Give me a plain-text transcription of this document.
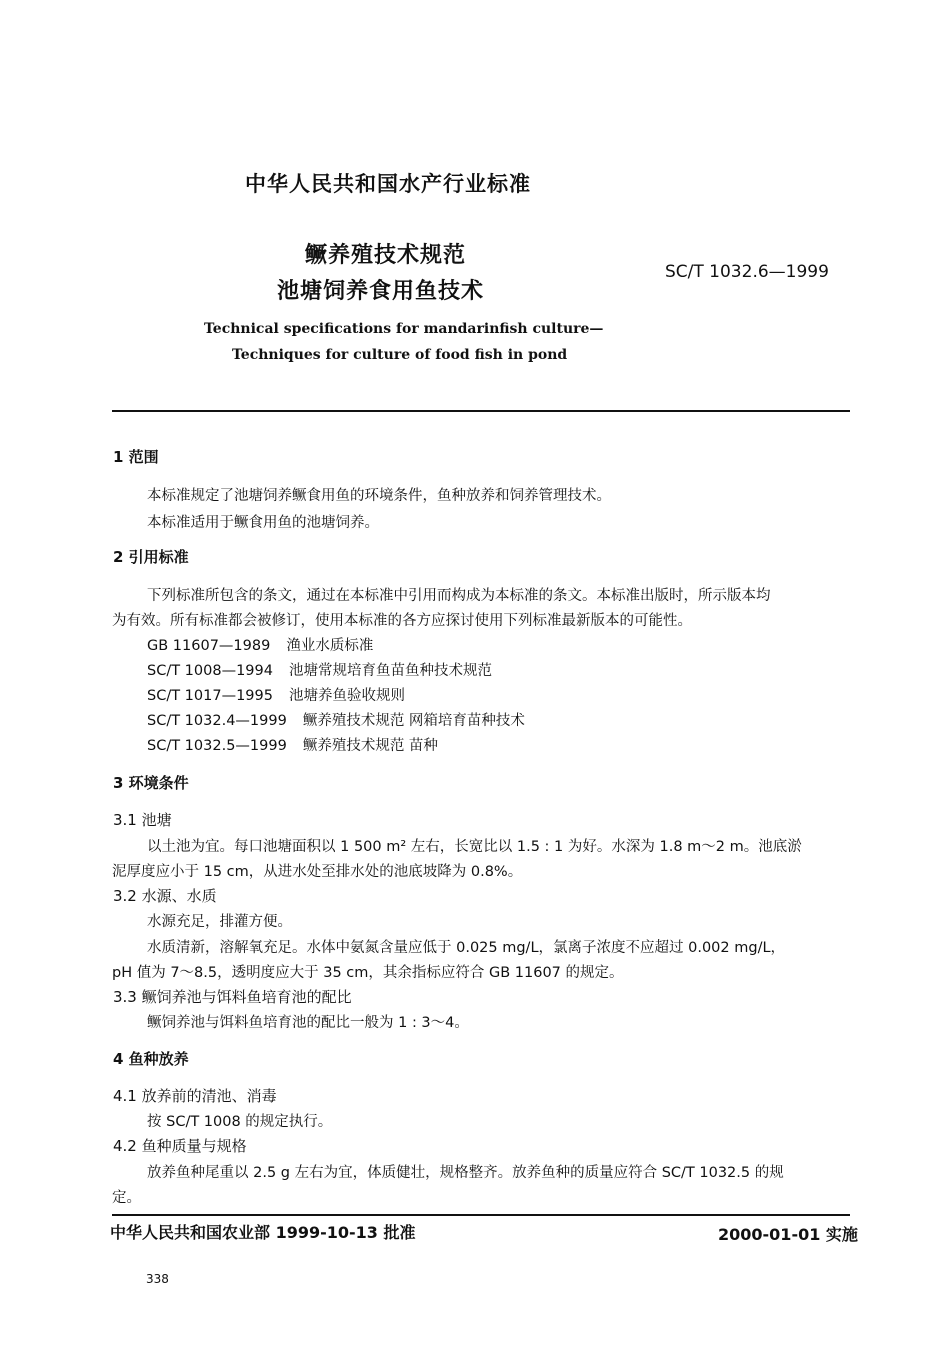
中华人民共和国水产行业标准
鳜养殖技术规范
池塘饲养食用鱼技术
SC/T 1032.6—1999
Technical specifications for mandarinfish culture—
Techniques for culture of food fish in pond
1 范围
本标准规定了池塘饲养鳜食用鱼的环境条件，鱼种放养和饲养管理技术。
本标准适用于鳜食用鱼的池塘饲养。
2 引用标准
下列标准所包含的条文，通过在本标准中引用而构成为本标准的条文。本标准出版时，所示版本均
为有效。所有标准都会被修订，使用本标准的各方应探讨使用下列标准最新版本的可能性。
GB 11607—1989 渔业水质标准
SC/T 1008—1994 池塘常规培育鱼苗鱼种技术规范
SC/T 1017—1995 池塘养鱼验收规则
SC/T 1032.4—1999 鳜养殖技术规范 网箱培育苗种技术
SC/T 1032.5—1999 鳜养殖技术规范 苗种
3 环境条件
3.1 池塘
以土池为宜。每口池塘面积以 1 500 m² 左右，长宽比以 1.5 : 1 为好。水深为 1.8 m～2 m。池底淤
泥厚度应小于 15 cm，从进水处至排水处的池底坡降为 0.8%。
3.2 水源、水质
水源充足，排灌方便。
水质清新，溶解氧充足。水体中氨氮含量应低于 0.025 mg/L，氯离子浓度不应超过 0.002 mg/L，
pH 值为 7～8.5，透明度应大于 35 cm，其余指标应符合 GB 11607 的规定。
3.3 鳜饲养池与饵料鱼培育池的配比
鳜饲养池与饵料鱼培育池的配比一般为 1 : 3～4。
4 鱼种放养
4.1 放养前的清池、消毒
按 SC/T 1008 的规定执行。
4.2 鱼种质量与规格
放养鱼种尾重以 2.5 g 左右为宜，体质健壮，规格整齐。放养鱼种的质量应符合 SC/T 1032.5 的规
定。
中华人民共和国农业部 1999-10-13 批准	2000-01-01 实施
338
